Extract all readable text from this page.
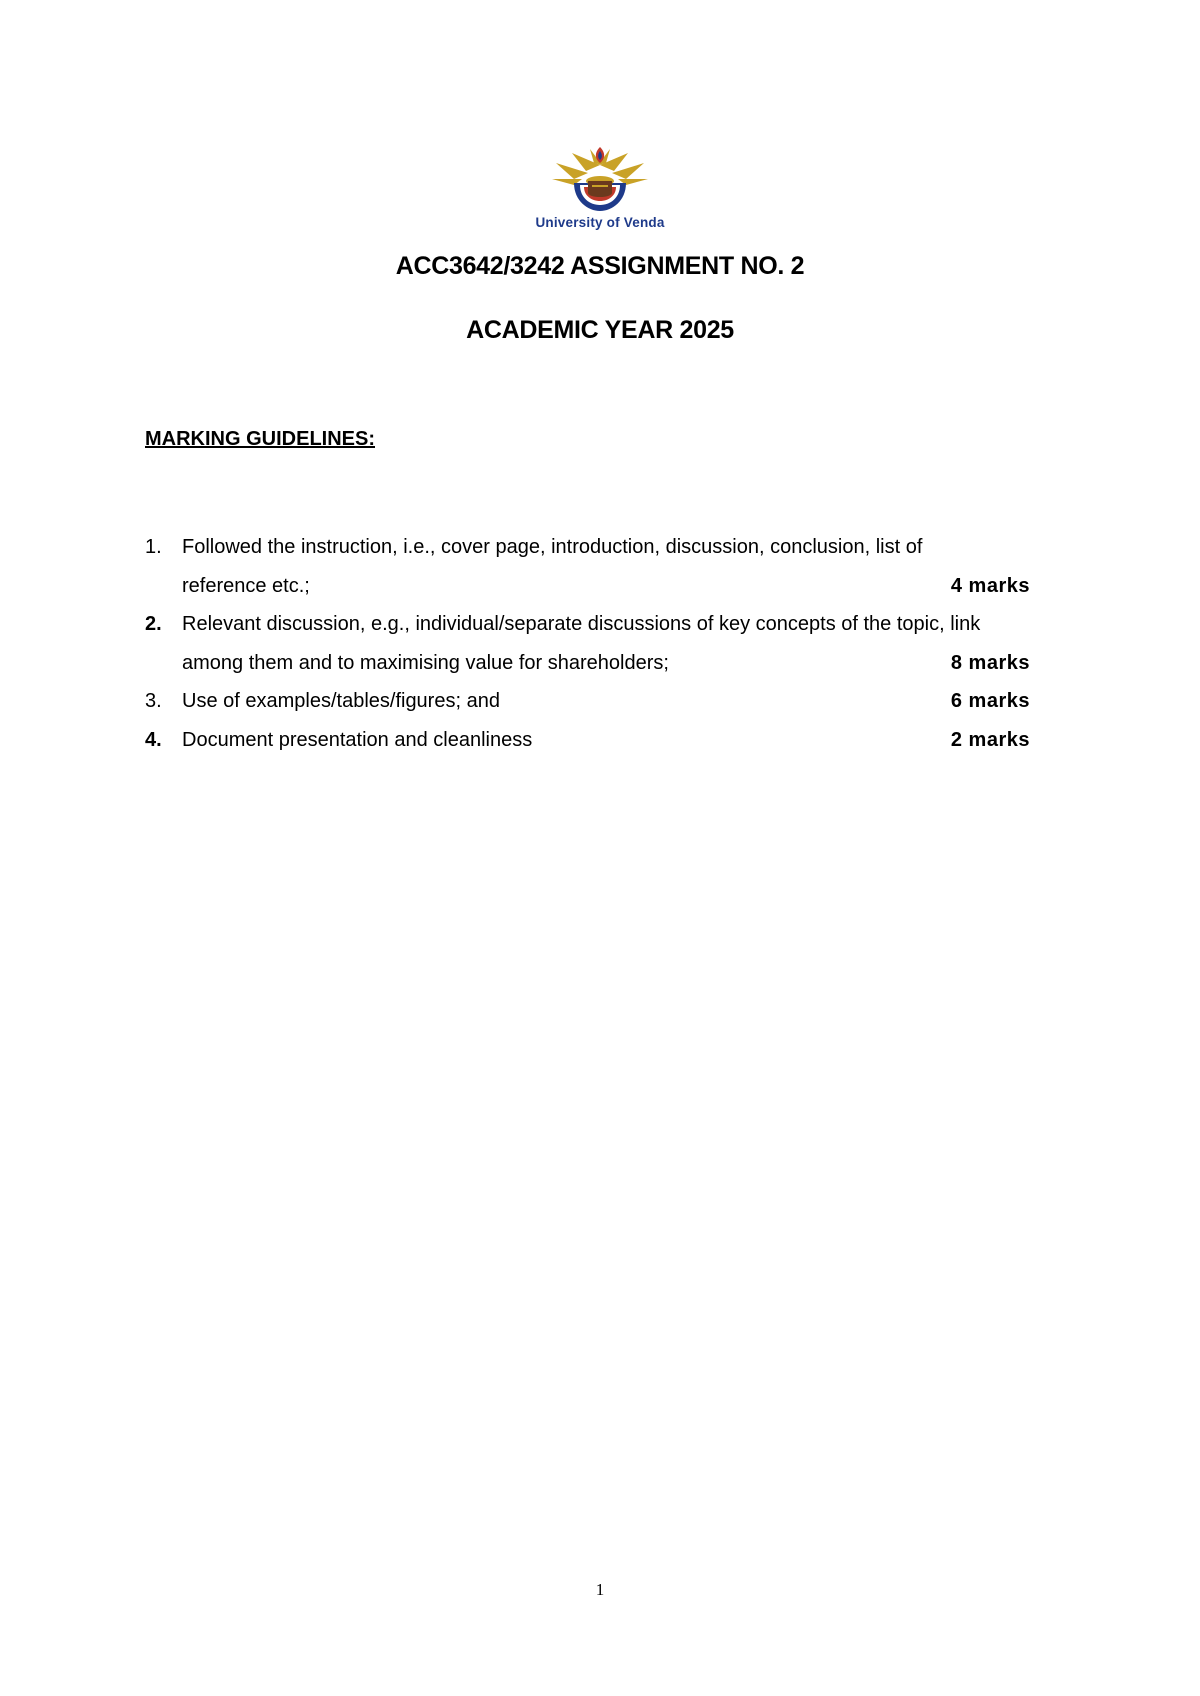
University of Venda
ACC3642/3242 ASSIGNMENT NO. 2
ACADEMIC YEAR 2025
MARKING GUIDELINES:
1. Followed the instruction, i.e., cover page, introduction, discussion, conclusion, list of reference etc.;	4 marks
2. Relevant discussion, e.g., individual/separate discussions of key concepts of the topic, link among them and to maximising value for shareholders;	8 marks
3. Use of examples/tables/figures; and	6 marks
4. Document presentation and cleanliness	2 marks
1
